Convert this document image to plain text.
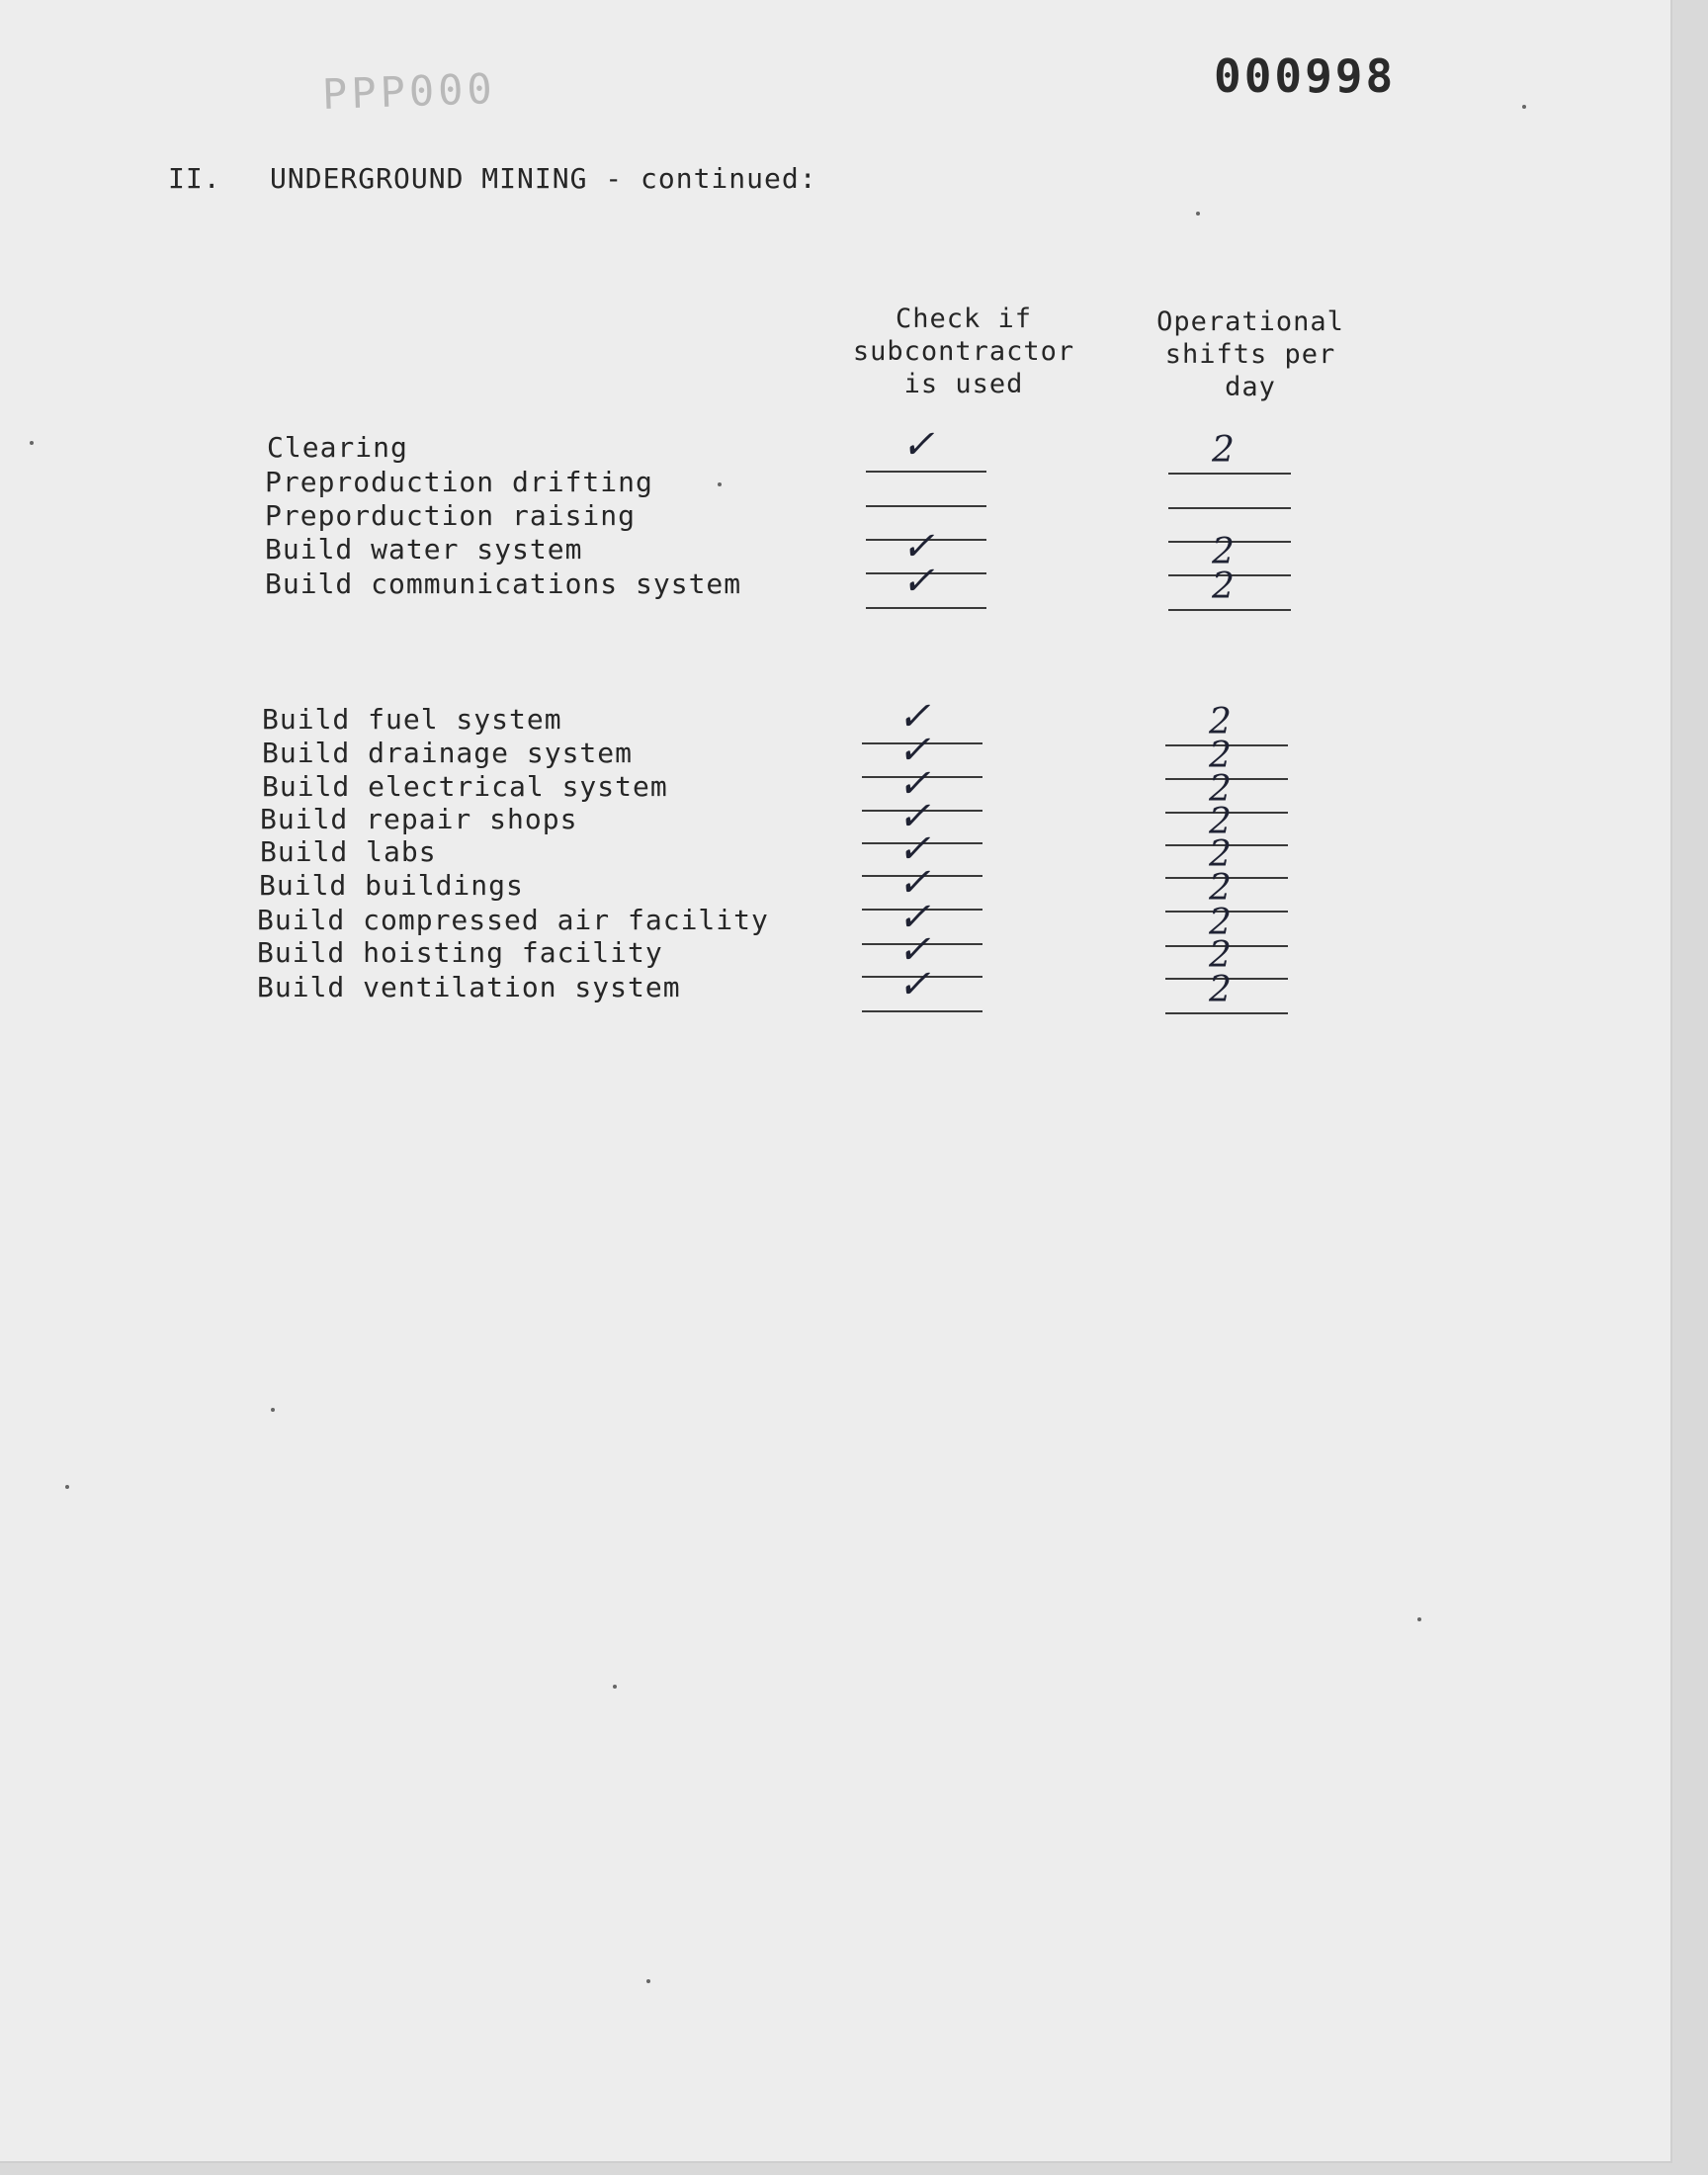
PPP000	000998
II. UNDERGROUND MINING - continued:
Check if
subcontractor
is used
Operational
shifts per
day
Clearing	✓	2
Preproduction drifting
Preporduction raising
Build water system	✓	2
Build communications system	✓	2
Build fuel system	✓	2
Build drainage system	✓	2
Build electrical system	✓	2
Build repair shops	✓	2
Build labs	✓	2
Build buildings	✓	2
Build compressed air facility	✓	2
Build hoisting facility	✓	2
Build ventilation system	✓	2
